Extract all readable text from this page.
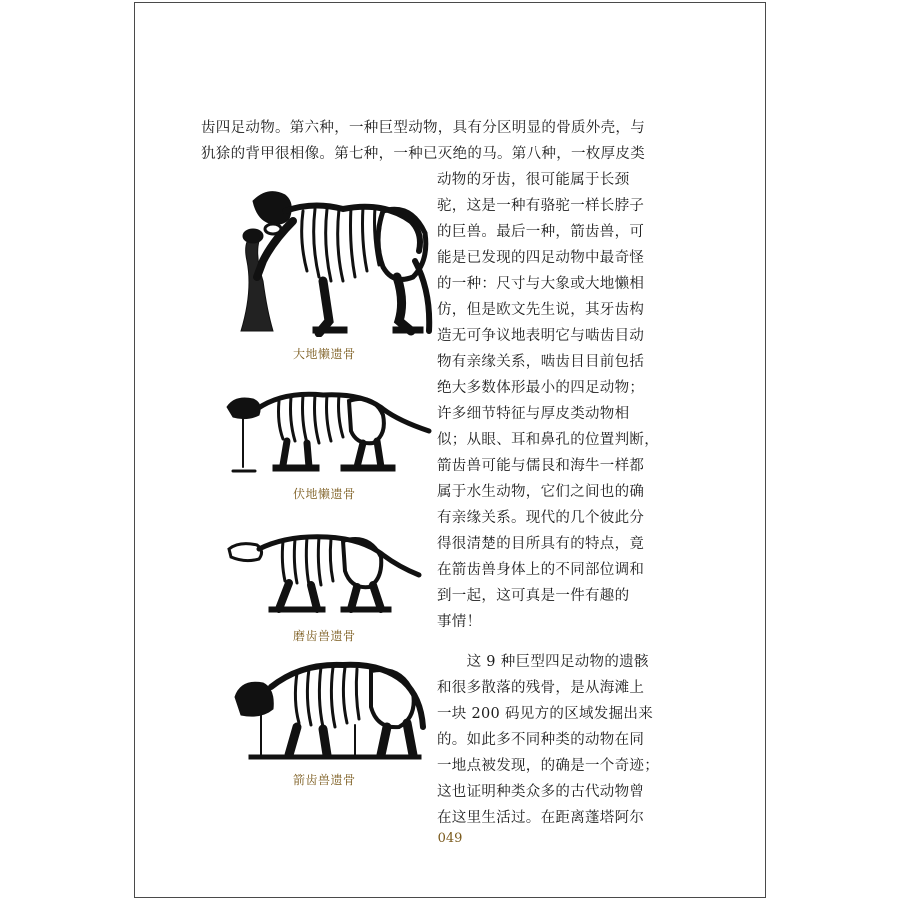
齿四足动物。第六种，一种巨型动物，具有分区明显的骨质外壳，与
犰狳的背甲很相像。第七种，一种已灭绝的马。第八种，一枚厚皮类
动物的牙齿，很可能属于长颈
驼，这是一种有骆驼一样长脖子
的巨兽。最后一种，箭齿兽，可
能是已发现的四足动物中最奇怪
的一种：尺寸与大象或大地懒相
仿，但是欧文先生说，其牙齿构
造无可争议地表明它与啮齿目动
物有亲缘关系，啮齿目目前包括
绝大多数体形最小的四足动物；
许多细节特征与厚皮类动物相
似；从眼、耳和鼻孔的位置判断，
箭齿兽可能与儒艮和海牛一样都
属于水生动物，它们之间也的确
有亲缘关系。现代的几个彼此分
得很清楚的目所具有的特点，竟
在箭齿兽身体上的不同部位调和
到一起，这可真是一件有趣的
事情！
　　这 9 种巨型四足动物的遗骸
和很多散落的残骨，是从海滩上
一块 200 码见方的区域发掘出来
的。如此多不同种类的动物在同
一地点被发现，的确是一个奇迹；
这也证明种类众多的古代动物曾
在这里生活过。在距离蓬塔阿尔
大地懒遗骨
伏地懒遗骨
磨齿兽遗骨
箭齿兽遗骨
049
